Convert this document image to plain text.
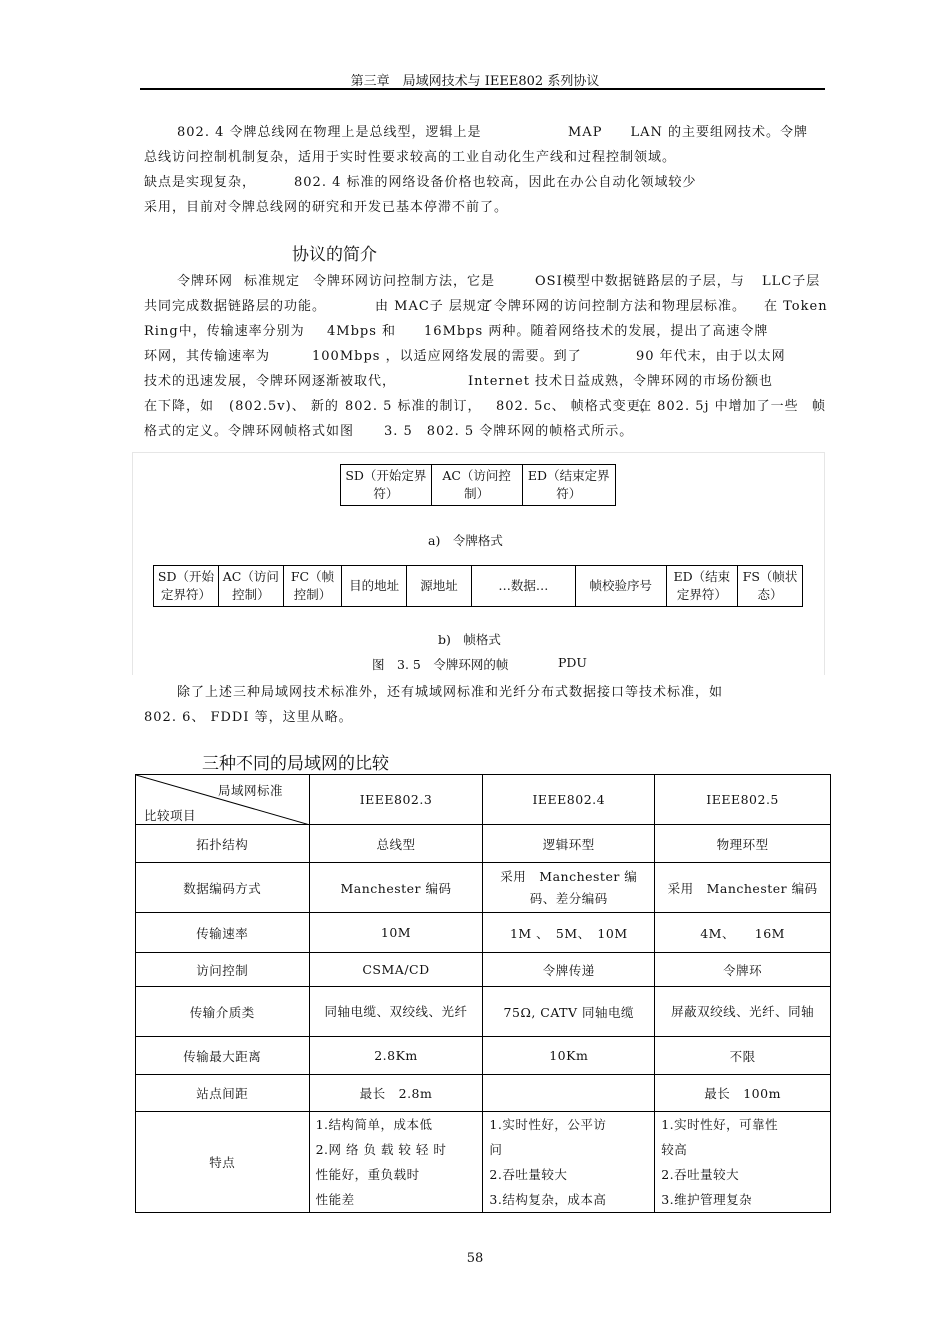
第三章　局域网技术与 IEEE802 系列协议
802. 4 令牌总线网在物理上是总线型，逻辑上是	MAP　　LAN 的主要组网技术。令牌
总线访问控制机制复杂，适用于实时性要求较高的工业自动化生产线和过程控制领域。
缺点是实现复杂，	802. 4 标准的网络设备价格也较高，因此在办公自动化领域较少
采用，目前对令牌总线网的研究和开发已基本停滞不前了。
协议的简介
令牌环网 标准规定 令牌环网访问控制方法，它是	OSI模型中数据链路层的子层，与 LLC子层
共同完成数据链路层的功能。	由 MAC子 层规定
了令牌环网的访问控制方法和物理层标准。 在 Token
Ring中，传输速率分别为 4Mbps 和　　16Mbps 两种。随着网络技术的发展，提出了高速令牌
环网，其传输速率为	100Mbps ，以适应网络发展的需要。到了	90 年代末，由于以太网
技术的迅速发展，令牌环网逐渐被取代，	Internet 技术日益成熟，令牌环网的市场份额也
在下降，如 (802.5v)、 新的 802. 5 标准的制订， 802. 5c、 帧格式变更，
在 802. 5j 中增加了一些 帧
格式的定义。令牌环网帧格式如图 3. 5　802. 5 令牌环网的帧格式所示。
SD（开始定界符）	AC（访问控制）	ED（结束定界符）
a)　令牌格式
SD（开始定界符）	AC（访问控制）	FC（帧控制）	目的地址	源地址	…数据…	帧校验序号	ED（结束定界符）	FS（帧状态）
b)　帧格式
图　3. 5　令牌环网的帧	PDU
除了上述三种局域网技术标准外，还有城域网标准和光纤分布式数据接口等技术标准，如
802. 6、 FDDI 等，这里从略。
三种不同的局域网的比较
局域网标准
比较项目	IEEE802.3	IEEE802.4	IEEE802.5
拓扑结构	总线型	逻辑环型	物理环型
数据编码方式	Manchester 编码	采用　Manchester 编码、差分编码	采用　Manchester 编码
传输速率	10M	1M 、　5M、　10M	4M、　　16M
访问控制	CSMA/CD	令牌传递	令牌环
传输介质类	同轴电缆、双绞线、光纤	75Ω, CATV 同轴电缆	屏蔽双绞线、光纤、同轴
传输最大距离	2.8Km	10Km	不限
站点间距	最长　2.8m		最长　100m
特点	1.结构简单，成本低
2.网 络 负 载 较 轻 时
性能好，重负载时
性能差	1.实时性好，公平访
问
2.吞吐量较大
3.结构复杂，成本高	1.实时性好，可靠性
较高
2.吞吐量较大
3.维护管理复杂
58
